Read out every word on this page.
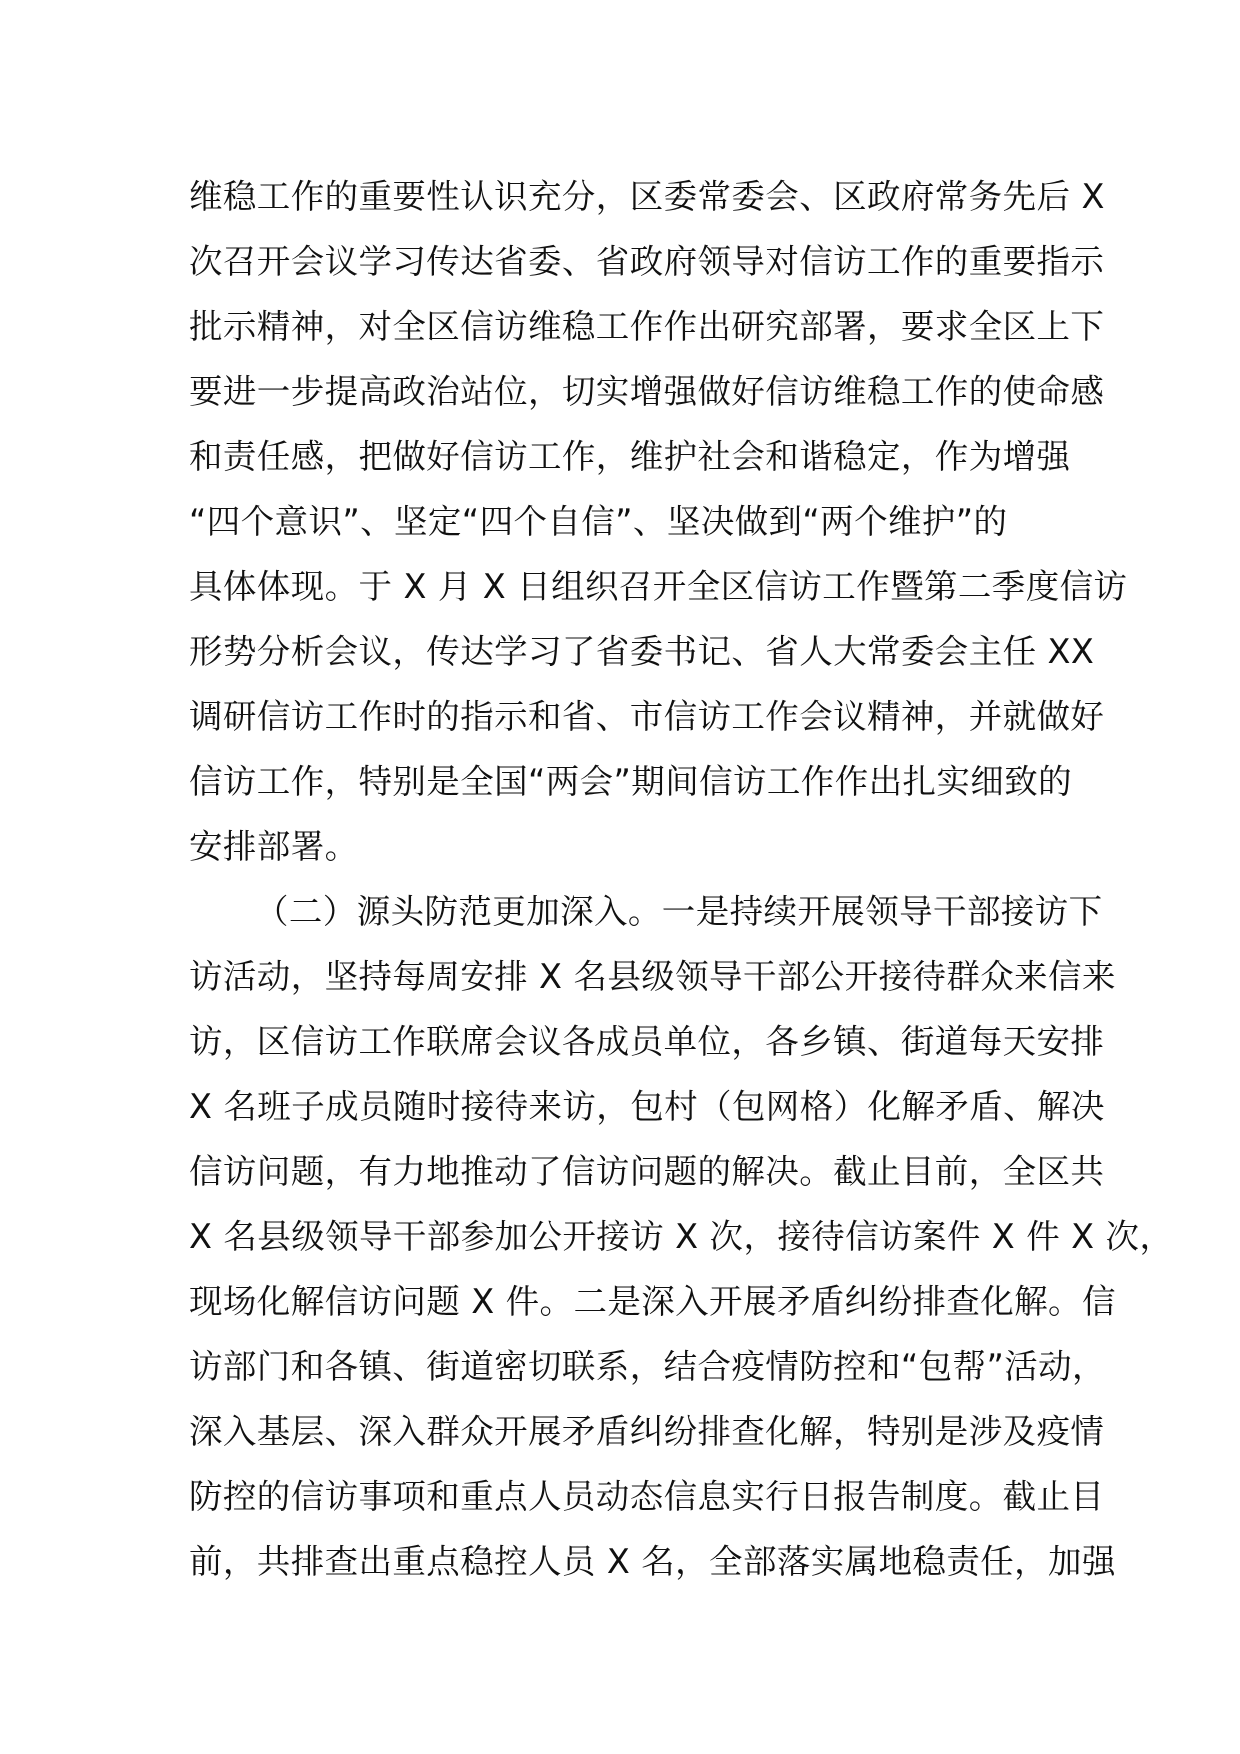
维稳工作的重要性认识充分，区委常委会、区政府常务先后 X
次召开会议学习传达省委、省政府领导对信访工作的重要指示
批示精神，对全区信访维稳工作作出研究部署，要求全区上下
要进一步提高政治站位，切实增强做好信访维稳工作的使命感
和责任感，把做好信访工作，维护社会和谐稳定，作为增强
“四个意识”、坚定“四个自信”、坚决做到“两个维护”的
具体体现。于 X 月 X 日组织召开全区信访工作暨第二季度信访
形势分析会议，传达学习了省委书记、省人大常委会主任 XX
调研信访工作时的指示和省、市信访工作会议精神，并就做好
信访工作，特别是全国“两会”期间信访工作作出扎实细致的
安排部署。
（二）源头防范更加深入。一是持续开展领导干部接访下
访活动，坚持每周安排 X 名县级领导干部公开接待群众来信来
访，区信访工作联席会议各成员单位，各乡镇、街道每天安排
X 名班子成员随时接待来访，包村（包网格）化解矛盾、解决
信访问题，有力地推动了信访问题的解决。截止目前，全区共
X 名县级领导干部参加公开接访 X 次，接待信访案件 X 件 X 次，
现场化解信访问题 X 件。二是深入开展矛盾纠纷排查化解。信
访部门和各镇、街道密切联系，结合疫情防控和“包帮”活动，
深入基层、深入群众开展矛盾纠纷排查化解，特别是涉及疫情
防控的信访事项和重点人员动态信息实行日报告制度。截止目
前，共排查出重点稳控人员 X 名，全部落实属地稳责任，加强
